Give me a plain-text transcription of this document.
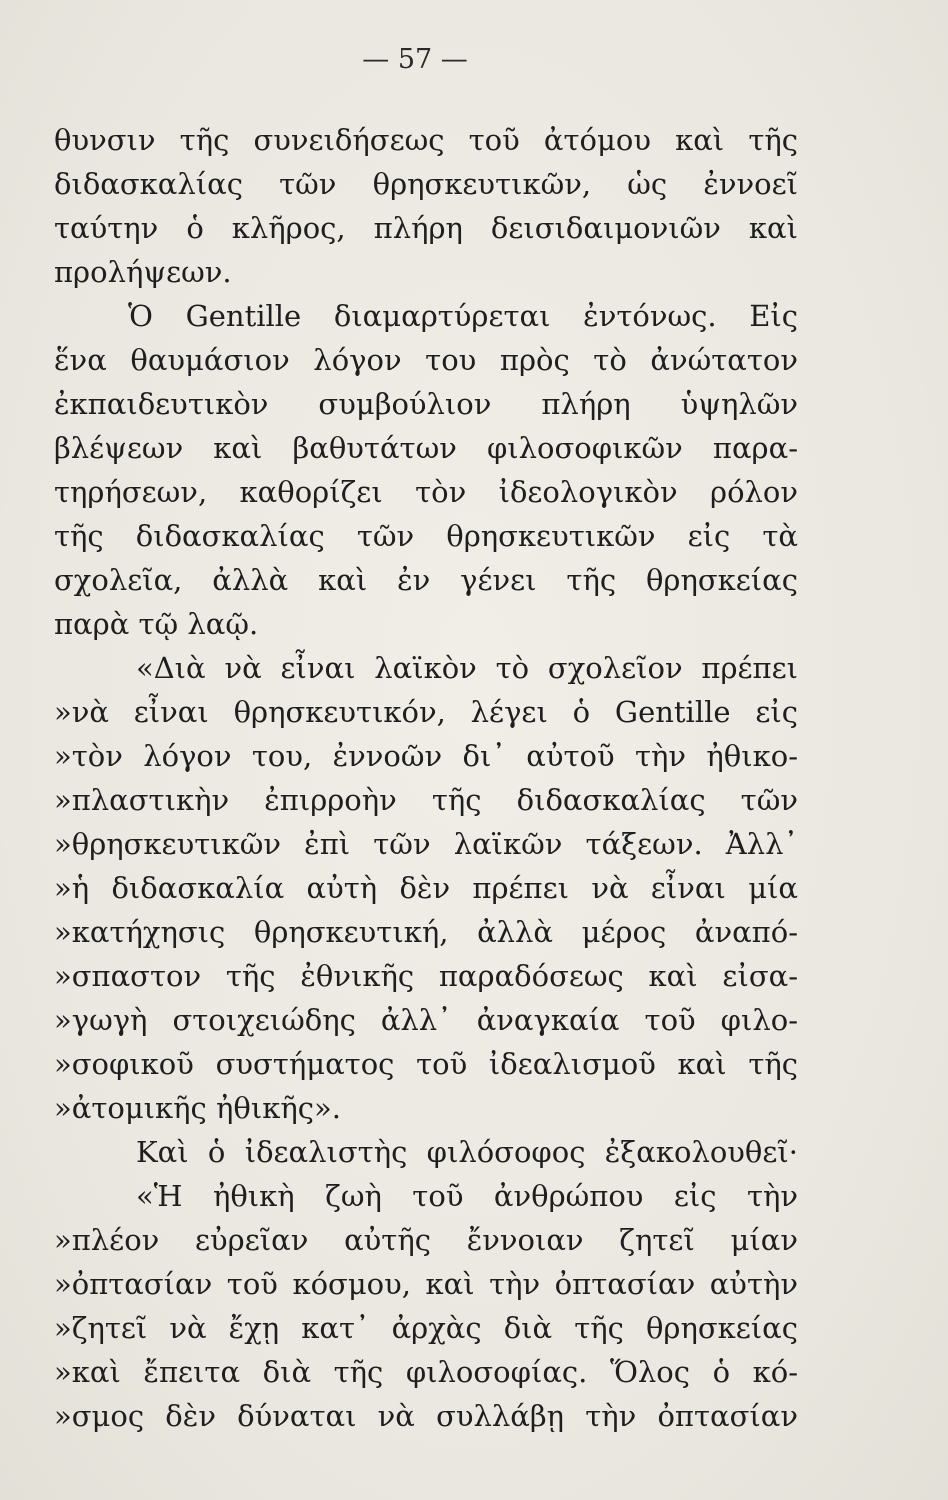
— 57 —
θυνσιν τῆς συνειδήσεως τοῦ ἀτόμου καὶ τῆς
διδασκαλίας τῶν θρησκευτικῶν, ὡς ἐννοεῖ
ταύτην ὁ κλῆρος, πλήρη δεισιδαιμονιῶν καὶ
προλήψεων.
Ὁ Gentille διαμαρτύρεται ἐντόνως. Εἰς
ἕνα θαυμάσιον λόγον του πρὸς τὸ ἀνώτατον
ἐκπαιδευτικὸν συμβούλιον πλήρη ὑψηλῶν
βλέψεων καὶ βαθυτάτων φιλοσοφικῶν παρα-
τηρήσεων, καθορίζει τὸν ἰδεολογικὸν ρόλον
τῆς διδασκαλίας τῶν θρησκευτικῶν εἰς τὰ
σχολεῖα, ἀλλὰ καὶ ἐν γένει τῆς θρησκείας
παρὰ τῷ λαῷ.
«Διὰ νὰ εἶναι λαϊκὸν τὸ σχολεῖον πρέπει
»νὰ εἶναι θρησκευτικόν, λέγει ὁ Gentille εἰς
»τὸν λόγον του, ἐννοῶν δι᾽ αὐτοῦ τὴν ἠθικο-
»πλαστικὴν ἐπιρροὴν τῆς διδασκαλίας τῶν
»θρησκευτικῶν ἐπὶ τῶν λαϊκῶν τάξεων. Ἀλλ᾽
»ἡ διδασκαλία αὐτὴ δὲν πρέπει νὰ εἶναι μία
»κατήχησις θρησκευτική, ἀλλὰ μέρος ἀναπό-
»σπαστον τῆς ἐθνικῆς παραδόσεως καὶ εἰσα-
»γωγὴ στοιχειώδης ἀλλ᾽ ἀναγκαία τοῦ φιλο-
»σοφικοῦ συστήματος τοῦ ἰδεαλισμοῦ καὶ τῆς
»ἀτομικῆς ἠθικῆς».
Καὶ ὁ ἰδεαλιστὴς φιλόσοφος ἐξακολουθεῖ·
«Ἡ ἠθικὴ ζωὴ τοῦ ἀνθρώπου εἰς τὴν
»πλέον εὐρεῖαν αὐτῆς ἔννοιαν ζητεῖ μίαν
»ὀπτασίαν τοῦ κόσμου, καὶ τὴν ὀπτασίαν αὐτὴν
»ζητεῖ νὰ ἔχῃ κατ᾽ ἀρχὰς διὰ τῆς θρησκείας
»καὶ ἔπειτα διὰ τῆς φιλοσοφίας. Ὅλος ὁ κό-
»σμος δὲν δύναται νὰ συλλάβῃ τὴν ὀπτασίαν
